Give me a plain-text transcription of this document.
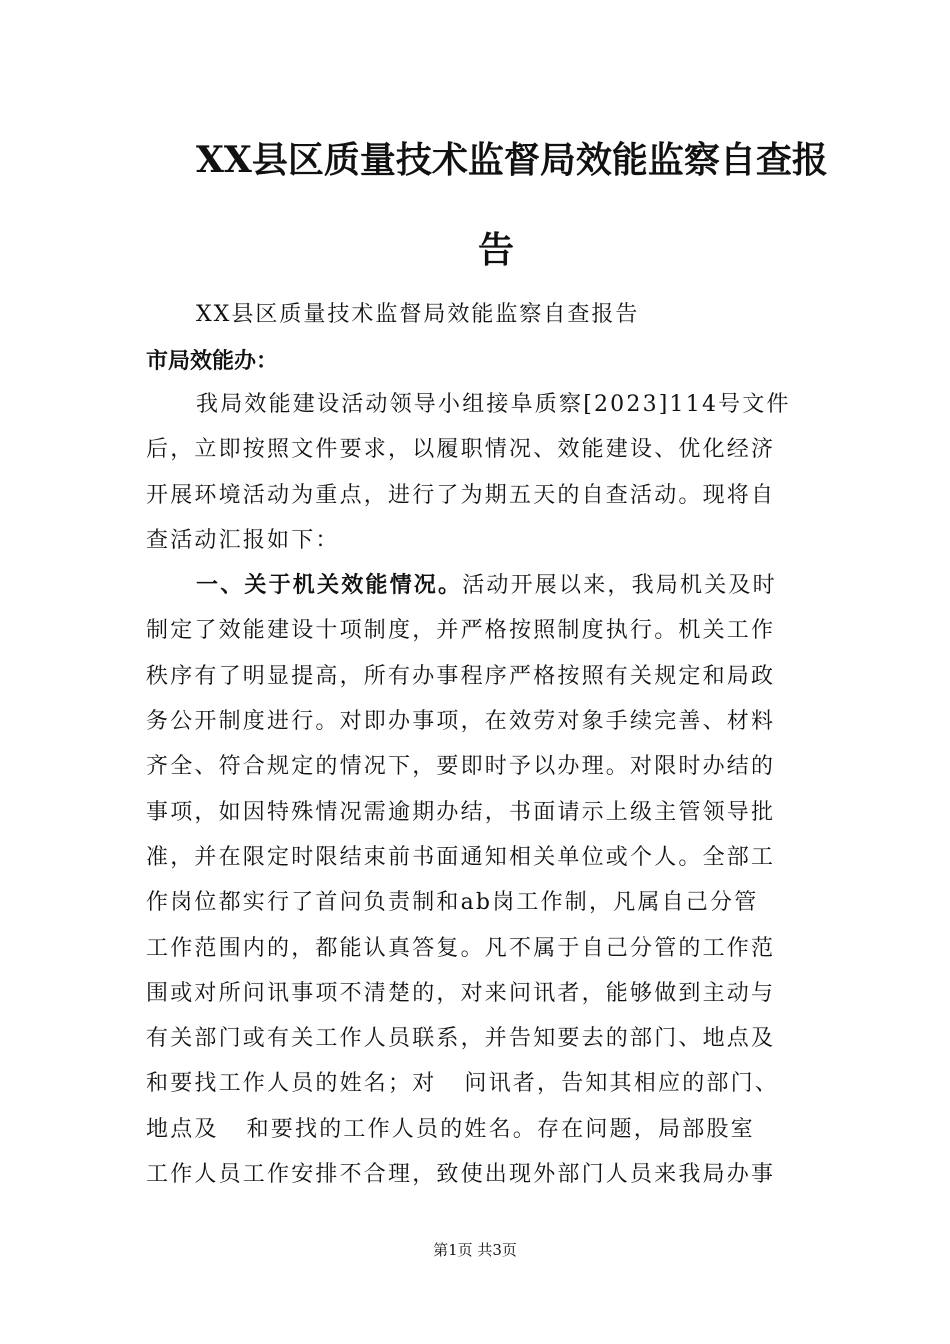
XX县区质量技术监督局效能监察自查报
告
XX县区质量技术监督局效能监察自查报告
市局效能办：
我局效能建设活动领导小组接阜质察[2023]114号文件
后，立即按照文件要求，以履职情况、效能建设、优化经济
开展环境活动为重点，进行了为期五天的自查活动。现将自
查活动汇报如下：
一、关于机关效能情况。活动开展以来，我局机关及时
制定了效能建设十项制度，并严格按照制度执行。机关工作
秩序有了明显提高，所有办事程序严格按照有关规定和局政
务公开制度进行。对即办事项，在效劳对象手续完善、材料
齐全、符合规定的情况下，要即时予以办理。对限时办结的
事项，如因特殊情况需逾期办结，书面请示上级主管领导批
准，并在限定时限结束前书面通知相关单位或个人。全部工
作岗位都实行了首问负责制和ab岗工作制，凡属自己分管
工作范围内的，都能认真答复。凡不属于自己分管的工作范
围或对所问讯事项不清楚的，对来问讯者，能够做到主动与
有关部门或有关工作人员联系，并告知要去的部门、地点及
和要找工作人员的姓名；对 问讯者，告知其相应的部门、
地点及 和要找的工作人员的姓名。存在问题，局部股室
工作人员工作安排不合理，致使出现外部门人员来我局办事
第1页 共3页
